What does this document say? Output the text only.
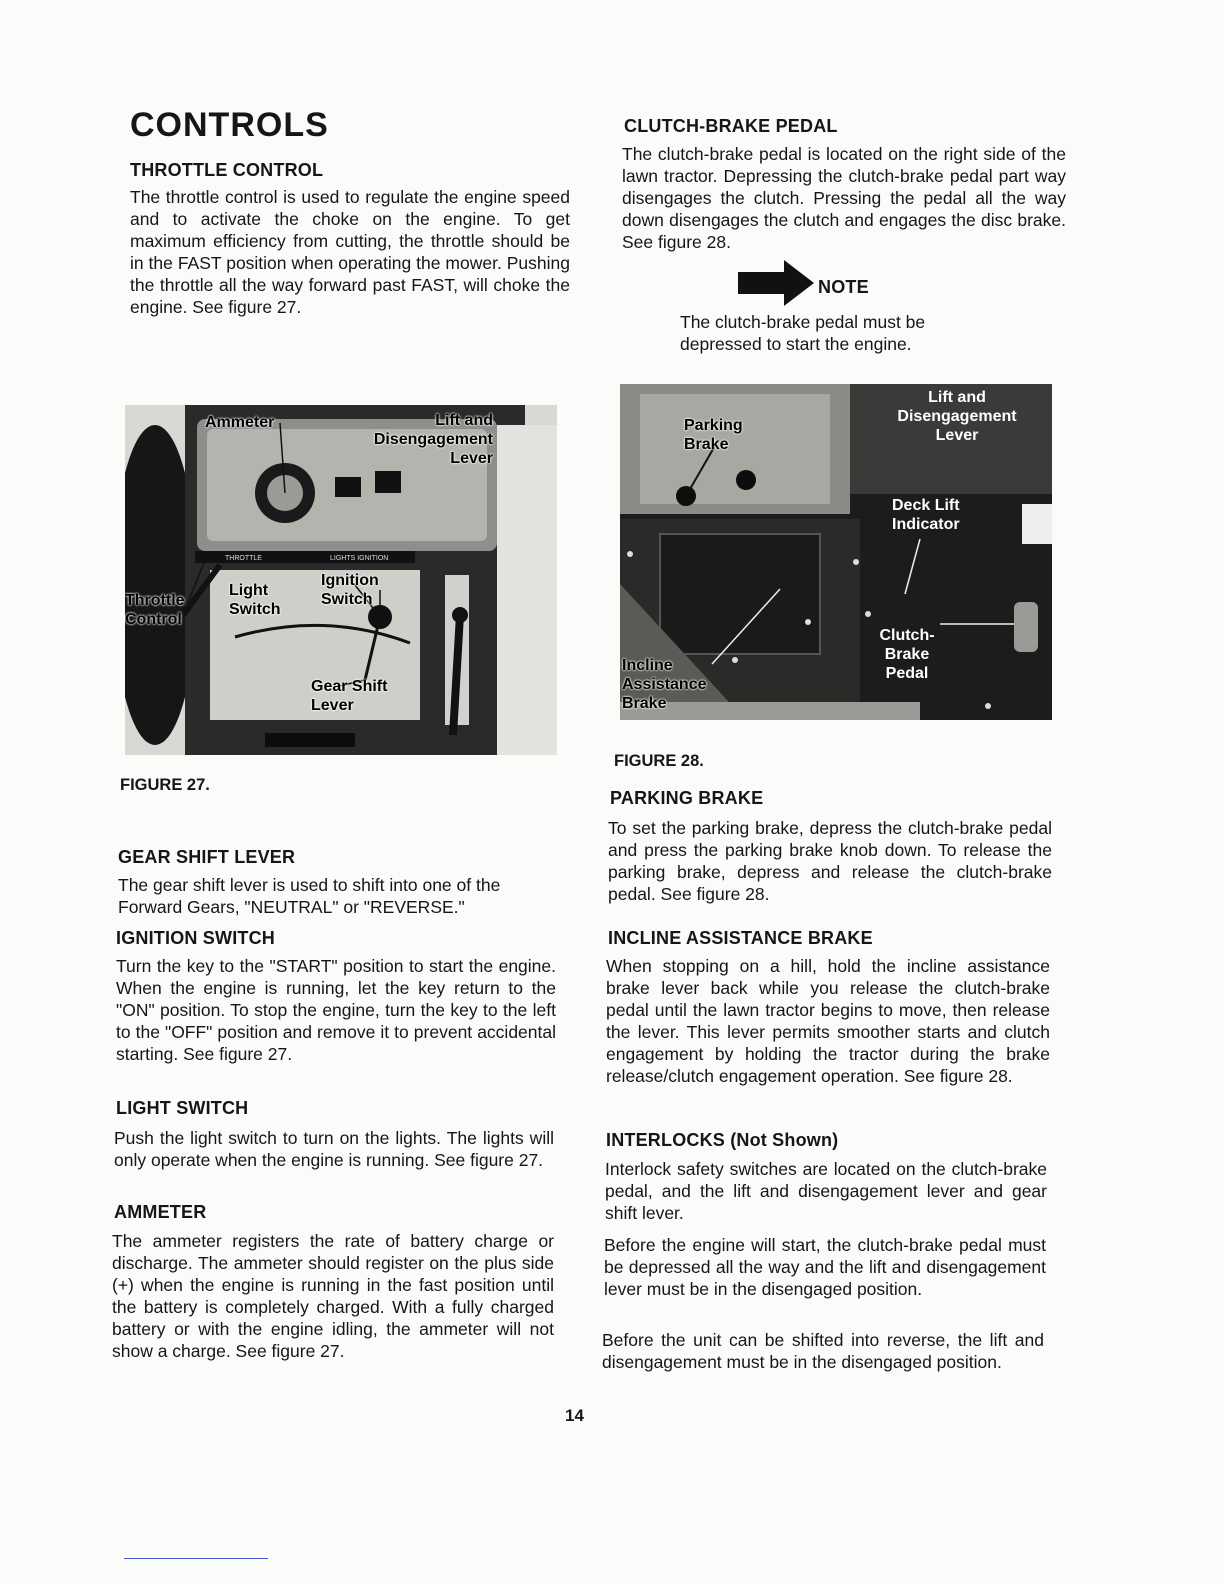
CONTROLS
THROTTLE CONTROL

The throttle control is used to regulate the engine speed and to activate the choke on the engine. To get maximum efficiency from cutting, the throttle should be in the FAST position when operating the mower. Pushing the throttle all the way forward past FAST, will choke the engine. See figure 27.

THROTTLE	LIGHTS IGNITION
Ammeter	Lift and Disengagement Lever
Throttle Control
Light Switch
Ignition Switch
Gear Shift Lever
FIGURE 27.
GEAR SHIFT LEVER

The gear shift lever is used to shift into one of the Forward Gears, "NEUTRAL" or "REVERSE."

IGNITION SWITCH

Turn the key to the "START" position to start the engine. When the engine is running, let the key return to the "ON" position. To stop the engine, turn the key to the left to the "OFF" position and remove it to prevent accidental starting. See figure 27.

LIGHT SWITCH

Push the light switch to turn on the lights. The lights will only operate when the engine is running. See figure 27.

AMMETER

The ammeter registers the rate of battery charge or discharge. The ammeter should register on the plus side (+) when the engine is running in the fast position until the battery is completely charged. With a fully charged battery or with the engine idling, the ammeter will not show a charge. See figure 27.

CLUTCH-BRAKE PEDAL

The clutch-brake pedal is located on the right side of the lawn tractor. Depressing the clutch-brake pedal part way disengages the clutch. Pressing the pedal all the way down disengages the clutch and engages the disc brake. See figure 28.

NOTE

The clutch-brake pedal must be depressed to start the engine.

Parking Brake
Lift and Disengagement Lever
Deck Lift Indicator
Clutch-Brake Pedal
Incline Assistance Brake
FIGURE 28.
PARKING BRAKE

To set the parking brake, depress the clutch-brake pedal and press the parking brake knob down. To release the parking brake, depress and release the clutch-brake pedal. See figure 28.

INCLINE ASSISTANCE BRAKE

When stopping on a hill, hold the incline assistance brake lever back while you release the clutch-brake pedal until the lawn tractor begins to move, then release the lever. This lever permits smoother starts and clutch engagement by holding the tractor during the brake release/clutch engagement operation. See figure 28.

INTERLOCKS (Not Shown)

Interlock safety switches are located on the clutch-brake pedal, and the lift and disengagement lever and gear shift lever.

Before the engine will start, the clutch-brake pedal must be depressed all the way and the lift and disengagement lever must be in the disengaged position.

Before the unit can be shifted into reverse, the lift and disengagement must be in the disengaged position.

14
